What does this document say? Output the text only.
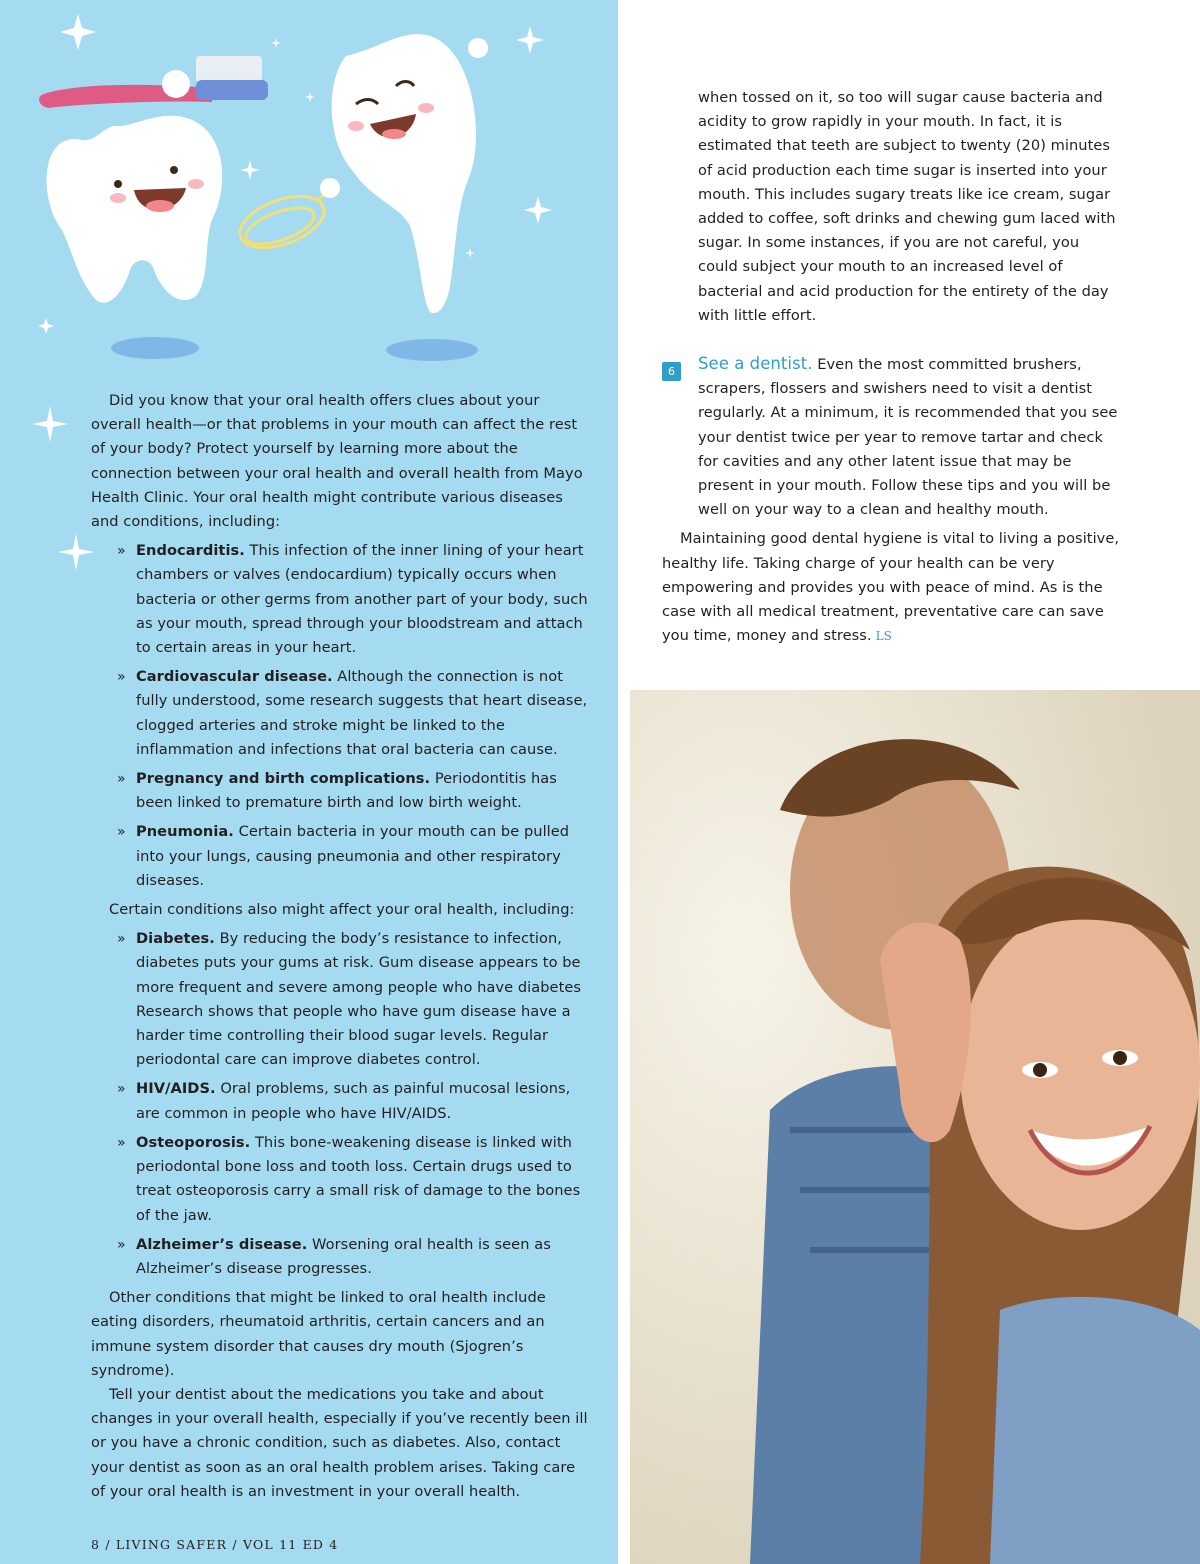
Did you know that your oral health offers clues about your overall health—or that problems in your mouth can affect the rest of your body? Protect yourself by learning more about the connection between your oral health and overall health from Mayo Health Clinic. Your oral health might contribute various diseases and conditions, including:

» Endocarditis. This infection of the inner lining of your heart chambers or valves (endocardium) typically occurs when bacteria or other germs from another part of your body, such as your mouth, spread through your bloodstream and attach to certain areas in your heart.
» Cardiovascular disease. Although the connection is not fully understood, some research suggests that heart disease, clogged arteries and stroke might be linked to the inflammation and infections that oral bacteria can cause.
» Pregnancy and birth complications. Periodontitis has been linked to premature birth and low birth weight.
» Pneumonia. Certain bacteria in your mouth can be pulled into your lungs, causing pneumonia and other respiratory diseases.

Certain conditions also might affect your oral health, including:

» Diabetes. By reducing the body’s resistance to infection, diabetes puts your gums at risk. Gum disease appears to be more frequent and severe among people who have diabetes Research shows that people who have gum disease have a harder time controlling their blood sugar levels. Regular periodontal care can improve diabetes control.
» HIV/AIDS. Oral problems, such as painful mucosal lesions, are common in people who have HIV/AIDS.
» Osteoporosis. This bone-weakening disease is linked with periodontal bone loss and tooth loss. Certain drugs used to treat osteoporosis carry a small risk of damage to the bones of the jaw.
» Alzheimer’s disease. Worsening oral health is seen as Alzheimer’s disease progresses.

Other conditions that might be linked to oral health include eating disorders, rheumatoid arthritis, certain cancers and an immune system disorder that causes dry mouth (Sjogren’s syndrome).

Tell your dentist about the medications you take and about changes in your overall health, especially if you’ve recently been ill or you have a chronic condition, such as diabetes. Also, contact your dentist as soon as an oral health problem arises. Taking care of your oral health is an investment in your overall health.

8 / LIVING SAFER / VOL 11 ED 4

when tossed on it, so too will sugar cause bacteria and acidity to grow rapidly in your mouth. In fact, it is estimated that teeth are subject to twenty (20) minutes of acid production each time sugar is inserted into your mouth. This includes sugary treats like ice cream, sugar added to coffee, soft drinks and chewing gum laced with sugar. In some instances, if you are not careful, you could subject your mouth to an increased level of bacterial and acid production for the entirety of the day with little effort.

6	See a dentist. Even the most committed brushers, scrapers, flossers and swishers need to visit a dentist regularly. At a minimum, it is recommended that you see your dentist twice per year to remove tartar and check for cavities and any other latent issue that may be present in your mouth. Follow these tips and you will be well on your way to a clean and healthy mouth.

Maintaining good dental hygiene is vital to living a positive, healthy life. Taking charge of your health can be very empowering and provides you with peace of mind. As is the case with all medical treatment, preventative care can save you time, money and stress. LS
